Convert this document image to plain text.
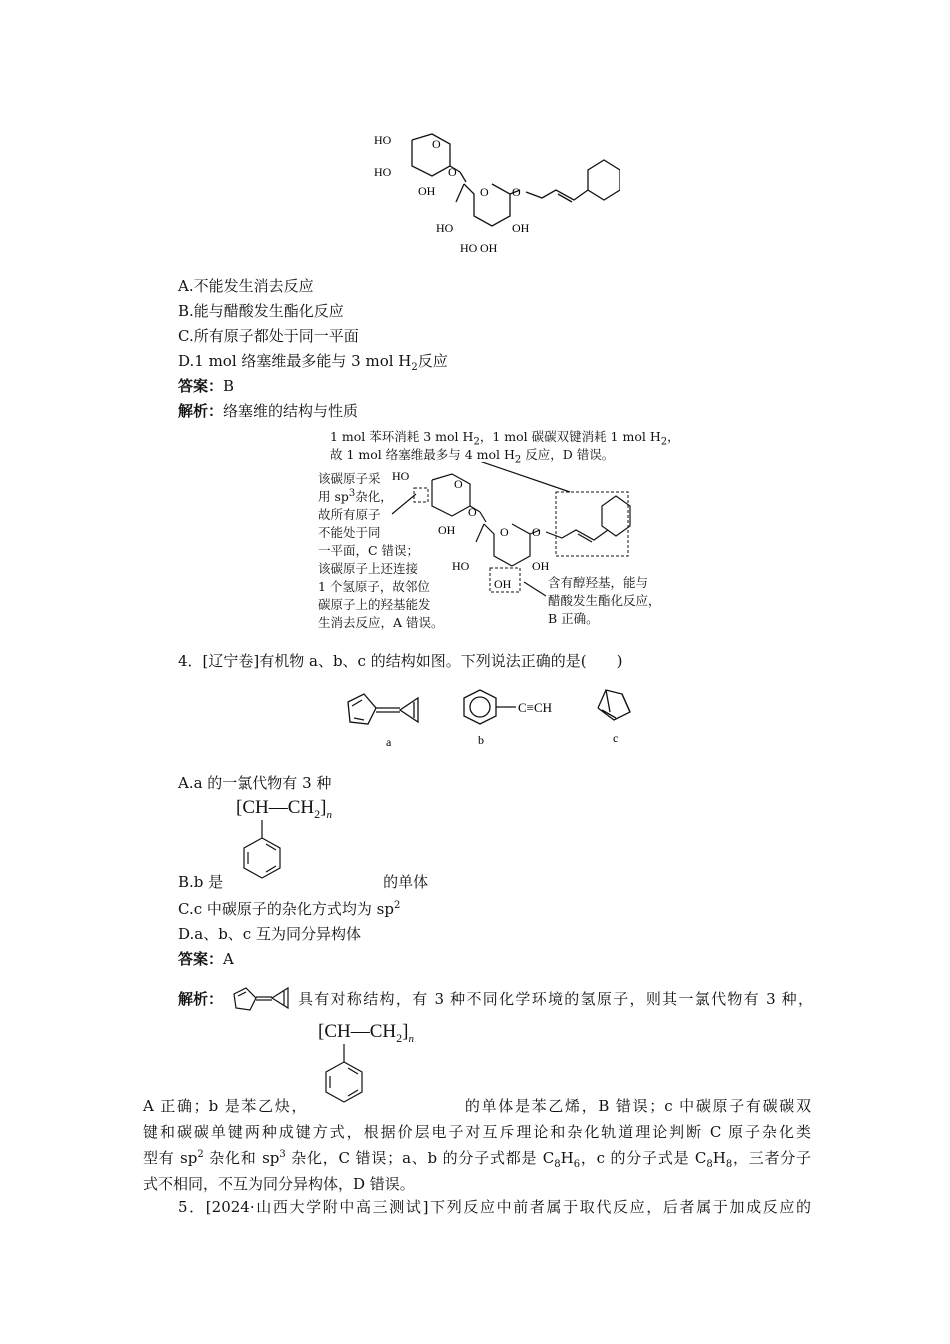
HO
HO
OH
O
O
O O
HO
HO
OH
OH
A.不能发生消去反应
B.能与醋酸发生酯化反应
C.所有原子都处于同一平面
D.1 mol 络塞维最多能与 3 mol $H_2$反应
答案：B
解析：络塞维的结构与性质
1 mol 苯环消耗 3 mol $H_2$，1 mol 碳碳双键消耗 1 mol $H_2$，
故 1 mol 络塞维最多与 4 mol $H_2$ 反应，D 错误。
该碳原子采
用 $sp^3$杂化，
故所有原子
不能处于同
一平面，C 错误；
该碳原子上还连接
1 个氢原子，故邻位
碳原子上的羟基能发
生消去反应，A 错误。
含有醇羟基，能与
醋酸发生酯化反应，
B 正确。
HO
OH
O
O
O O
HO	OH
OH
4．[辽宁卷]有机物 a、b、c 的结构如图。下列说法正确的是(　　)
C≡CH
a	b	c
A.a 的一氯代物有 3 种
$[CH—CH_2]_n$
B.b 是	的单体
C.c 中碳原子的杂化方式均为 $sp^2$
D.a、b、c 互为同分异构体
答案：A
解析：	具有对称结构，有 3 种不同化学环境的氢原子，则其一氯代物有 3 种，
$[CH—CH_2]_n$
A 正确；b 是苯乙炔，	的单体是苯乙烯，B 错误；c 中碳原子有碳碳双
键和碳碳单键两种成键方式，根据价层电子对互斥理论和杂化轨道理论判断 C 原子杂化类
型有 $sp^2$ 杂化和 $sp^3$ 杂化，C 错误；a、b 的分子式都是 $C_8H_6$，c 的分子式是 $C_8H_8$，三者分子
式不相同，不互为同分异构体，D 错误。
5．[2024·山西大学附中高三测试]下列反应中前者属于取代反应，后者属于加成反应的
